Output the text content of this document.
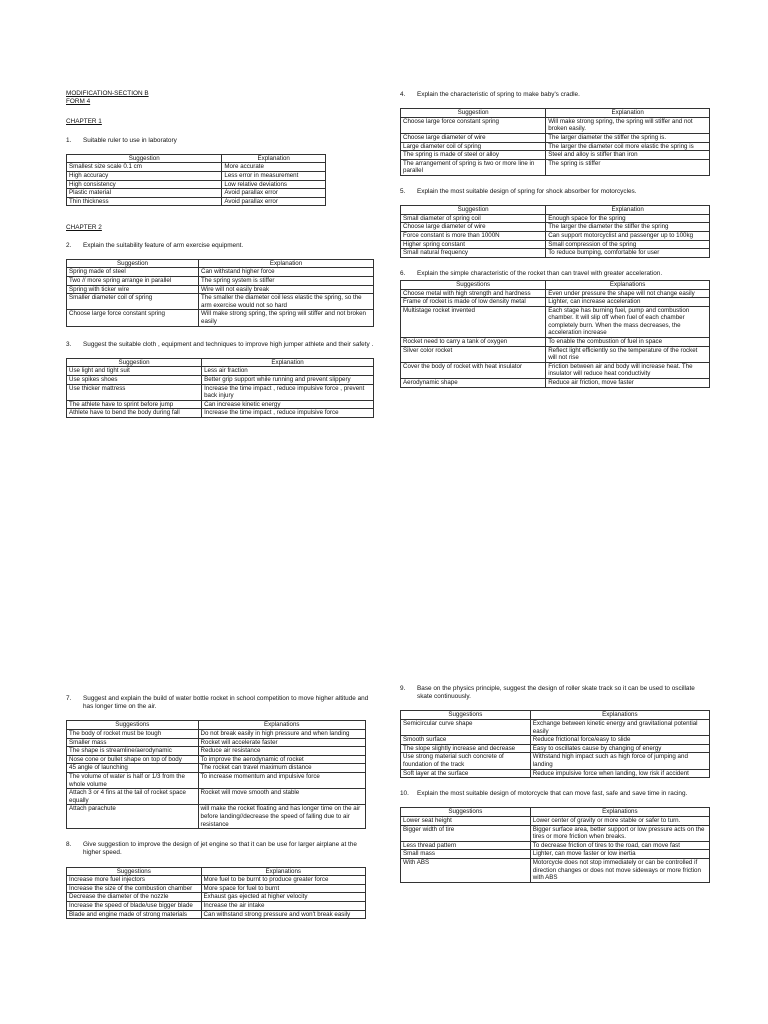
MODIFICATION-SECTION B

FORM 4

CHAPTER 1

1.	Suitable ruler to use in laboratory
Suggestion	Explanation
Smallest size scale 0.1 cm	More accurate
High accuracy	Less error in measurement
High consistency	Low relative deviations
Plastic material	Avoid parallax error
Thin thickness	Avoid parallax error

CHAPTER 2

2.	Explain the suitability feature of arm exercise equipment.
Suggestion	Explanation
Spring made of steel	Can withstand higher force
Two // more spring arrange in parallel	The spring system is stiffer
Spring with ticker wire	Wire will not easily break
Smaller diameter coil of spring	The smaller the diameter coil less elastic the spring, so the arm exercise would not so hard
Choose large force constant spring	Will make strong spring, the spring will stiffer and not broken easily
3.	Suggest the suitable cloth , equipment and techniques to improve high jumper athlete and their safety .
Suggestion	Explanation
Use light and tight suit	Less air fraction
Use spikes shoes	Better grip support while running and prevent slippery
Use thicker mattress	Increase the time impact , reduce impulsive force , prevent back injury
The athlete have to sprint before jump	Can increase kinetic energy
Athlete have to bend the body during fall	Increase the time impact , reduce impulsive force
4.	Explain the characteristic of spring to make baby's cradle.
Suggestion	Explanation
Choose large force constant spring	Will make strong spring, the spring will stiffer and not broken easily.
Choose large diameter of wire	The larger diameter the stiffer the spring is.
Large diameter coil of spring	The larger the diameter coil more elastic the spring is
The spring is made of steel or alloy	Steel and alloy is stiffer than iron
The arrangement of spring is two or more line in parallel	The spring is stiffer
5.	Explain the most suitable design of spring for shock absorber for motorcycles.
Suggestion	Explanation
Small diameter of spring coil	Enough space for the spring
Choose large diameter of wire	The larger the diameter the stiffer the spring
Force constant is more than 1000N	Can support motorcyclist and passenger up to 100kg
Higher spring constant	Small compression of the spring
Small natural frequency	To reduce bumping, comfortable for user
6.	Explain the simple characteristic of the rocket than can travel with greater acceleration.
Suggestions	Explanations
Choose metal with high strength and hardness	Even under pressure the shape will not change easily
Frame of rocket is made of low density metal	Lighter, can increase acceleration
Multistage rocket invented	Each stage has burning fuel, pump and combustion chamber. It will slip off when fuel of each chamber completely burn. When the mass decreases, the acceleration increase
Rocket need to carry a tank of oxygen	To enable the combustion of fuel in space
Silver color rocket	Reflect light efficiently so the temperature of the rocket will not rise
Cover the body of rocket with heat insulator	Friction between air and body will increase heat. The insulator will reduce heat conductivity
Aerodynamic shape	Reduce air friction, move faster
7.	Suggest and explain the build of water bottle rocket in school competition to move higher altitude and has longer time on the air.
Suggestions	Explanations
The body of rocket must be tough	Do not break easily in high pressure and when landing
Smaller mass	Rocket will accelerate faster
The shape is streamline/aerodynamic	Reduce air resistance
Nose cone or bullet shape on top of body	To improve the aerodynamic of rocket
45 angle of launching	The rocket can travel maximum distance
The volume of water is half or 1/3 from the whole volume	To increase momentum and impulsive force
Attach 3 or 4 fins at the tail of rocket space equally	Rocket will move smooth and stable
Attach parachute	will make the rocket floating and has longer time on the air before landing//decrease the speed of falling due to air resistance
8.	Give suggestion to improve the design of jet engine so that it can be use for larger airplane at the higher speed.
Suggestions	Explanations
Increase more fuel injectors	More fuel to be burnt to produce greater force
Increase the size of the combustion chamber	More space for fuel to burnt
Decrease the diameter of the nozzle	Exhaust gas ejected at higher velocity
Increase the speed of blade/use bigger blade	Increase the air intake
Blade and engine made of strong materials	Can withstand strong pressure and won't break easily
9.	Base on the physics principle, suggest the design of roller skate track so it can be used to oscillate skate continuously.
Suggestions	Explanations
Semicircular curve shape	Exchange between kinetic energy and gravitational potential easily
Smooth surface	Reduce frictional force/easy to slide
The slope slightly increase and decrease	Easy to oscillates cause by changing of energy
Use strong material such concrete of foundation of the track	Withstand high impact such as high force of jumping and landing
Soft layer at the surface	Reduce impulsive force when landing, low risk if accident
10.	Explain the most suitable design of motorcycle that can move fast, safe and save time in racing.
Suggestions	Explanations
Lower seat height	Lower center of gravity or more stable or safer to turn.
Bigger width of tire	Bigger surface area, better support or low pressure acts on the tires or more friction when breaks.
Less thread pattern	To decrease friction of tires to the road, can move fast
Small mass	Lighter, can move faster or low inertia
With ABS	Motorcycle does not stop immediately or can be controlled if direction changes or does not move sideways or more friction with ABS
